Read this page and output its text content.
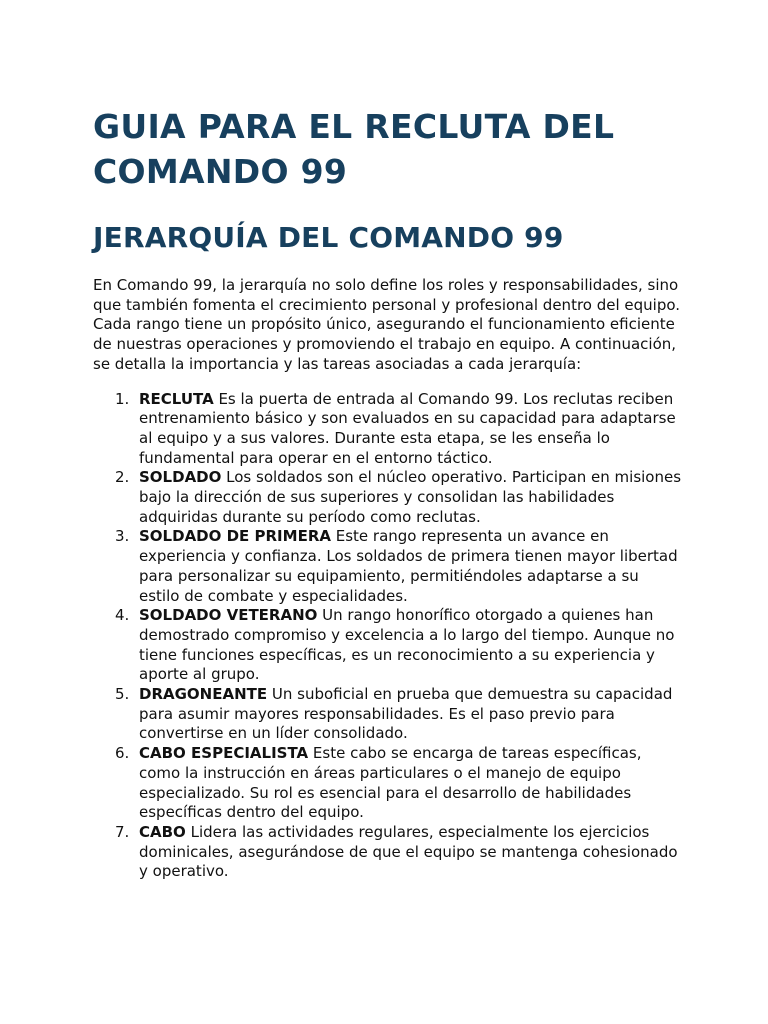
GUIA PARA EL RECLUTA DEL COMANDO 99
JERARQUÍA DEL COMANDO 99

En Comando 99, la jerarquía no solo define los roles y responsabilidades, sino que también fomenta el crecimiento personal y profesional dentro del equipo. Cada rango tiene un propósito único, asegurando el funcionamiento eficiente de nuestras operaciones y promoviendo el trabajo en equipo. A continuación, se detalla la importancia y las tareas asociadas a cada jerarquía:

1. RECLUTA Es la puerta de entrada al Comando 99. Los reclutas reciben entrenamiento básico y son evaluados en su capacidad para adaptarse al equipo y a sus valores. Durante esta etapa, se les enseña lo fundamental para operar en el entorno táctico.
2. SOLDADO Los soldados son el núcleo operativo. Participan en misiones bajo la dirección de sus superiores y consolidan las habilidades adquiridas durante su período como reclutas.
3. SOLDADO DE PRIMERA Este rango representa un avance en experiencia y confianza. Los soldados de primera tienen mayor libertad para personalizar su equipamiento, permitiéndoles adaptarse a su estilo de combate y especialidades.
4. SOLDADO VETERANO Un rango honorífico otorgado a quienes han demostrado compromiso y excelencia a lo largo del tiempo. Aunque no tiene funciones específicas, es un reconocimiento a su experiencia y aporte al grupo.
5. DRAGONEANTE Un suboficial en prueba que demuestra su capacidad para asumir mayores responsabilidades. Es el paso previo para convertirse en un líder consolidado.
6. CABO ESPECIALISTA Este cabo se encarga de tareas específicas, como la instrucción en áreas particulares o el manejo de equipo especializado. Su rol es esencial para el desarrollo de habilidades específicas dentro del equipo.
7. CABO Lidera las actividades regulares, especialmente los ejercicios dominicales, asegurándose de que el equipo se mantenga cohesionado y operativo.
